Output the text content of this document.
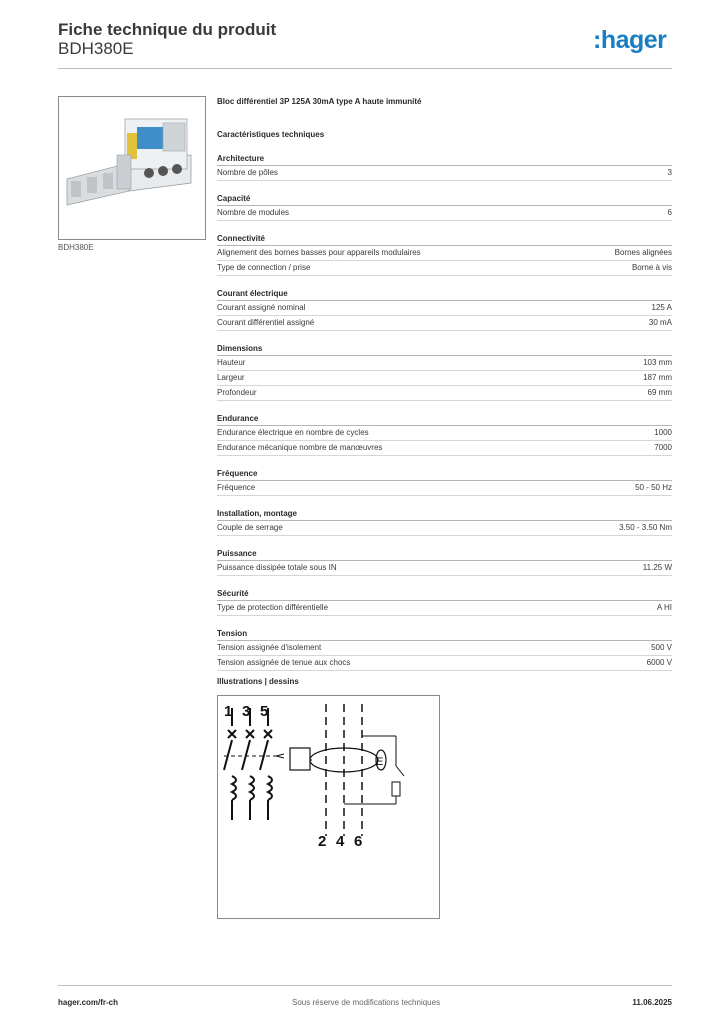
Fiche technique du produit
BDH380E	:hager
BDH380E
Bloc différentiel 3P 125A 30mA type A haute immunité
Caractéristiques techniques
Architecture
Nombre de pôles	3
Capacité
Nombre de modules	6
Connectivité
Alignement des bornes basses pour appareils modulaires	Bornes alignées
Type de connection / prise	Borne à vis
Courant électrique
Courant assigné nominal	125 A
Courant différentiel assigné	30 mA
Dimensions
Hauteur	103 mm
Largeur	187 mm
Profondeur	69 mm
Endurance
Endurance électrique en nombre de cycles	1000
Endurance mécanique nombre de manœuvres	7000
Fréquence
Fréquence	50 - 50 Hz
Installation, montage
Couple de serrage	3.50 - 3.50 Nm
Puissance
Puissance dissipée totale sous IN	11.25 W
Sécurité
Type de protection différentielle	A HI
Tension
Tension assignée d'isolement	500 V
Tension assignée de tenue aux chocs	6000 V
Illustrations | dessins
1 3 5
2 4 6
E
hager.com/fr-ch	Sous réserve de modifications techniques	11.06.2025
